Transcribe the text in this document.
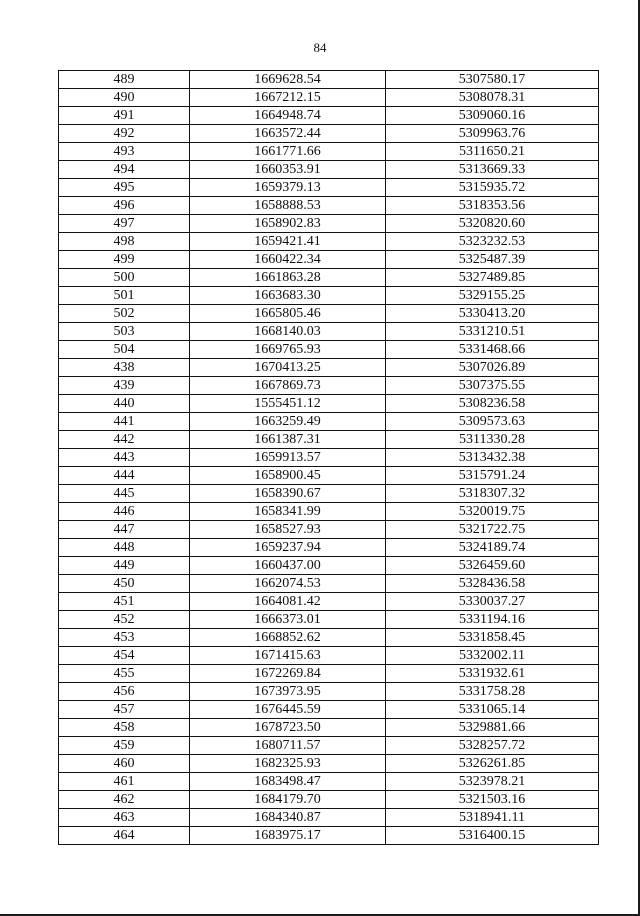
84
489	1669628.54	5307580.17
490	1667212.15	5308078.31
491	1664948.74	5309060.16
492	1663572.44	5309963.76
493	1661771.66	5311650.21
494	1660353.91	5313669.33
495	1659379.13	5315935.72
496	1658888.53	5318353.56
497	1658902.83	5320820.60
498	1659421.41	5323232.53
499	1660422.34	5325487.39
500	1661863.28	5327489.85
501	1663683.30	5329155.25
502	1665805.46	5330413.20
503	1668140.03	5331210.51
504	1669765.93	5331468.66
438	1670413.25	5307026.89
439	1667869.73	5307375.55
440	1555451.12	5308236.58
441	1663259.49	5309573.63
442	1661387.31	5311330.28
443	1659913.57	5313432.38
444	1658900.45	5315791.24
445	1658390.67	5318307.32
446	1658341.99	5320019.75
447	1658527.93	5321722.75
448	1659237.94	5324189.74
449	1660437.00	5326459.60
450	1662074.53	5328436.58
451	1664081.42	5330037.27
452	1666373.01	5331194.16
453	1668852.62	5331858.45
454	1671415.63	5332002.11
455	1672269.84	5331932.61
456	1673973.95	5331758.28
457	1676445.59	5331065.14
458	1678723.50	5329881.66
459	1680711.57	5328257.72
460	1682325.93	5326261.85
461	1683498.47	5323978.21
462	1684179.70	5321503.16
463	1684340.87	5318941.11
464	1683975.17	5316400.15
